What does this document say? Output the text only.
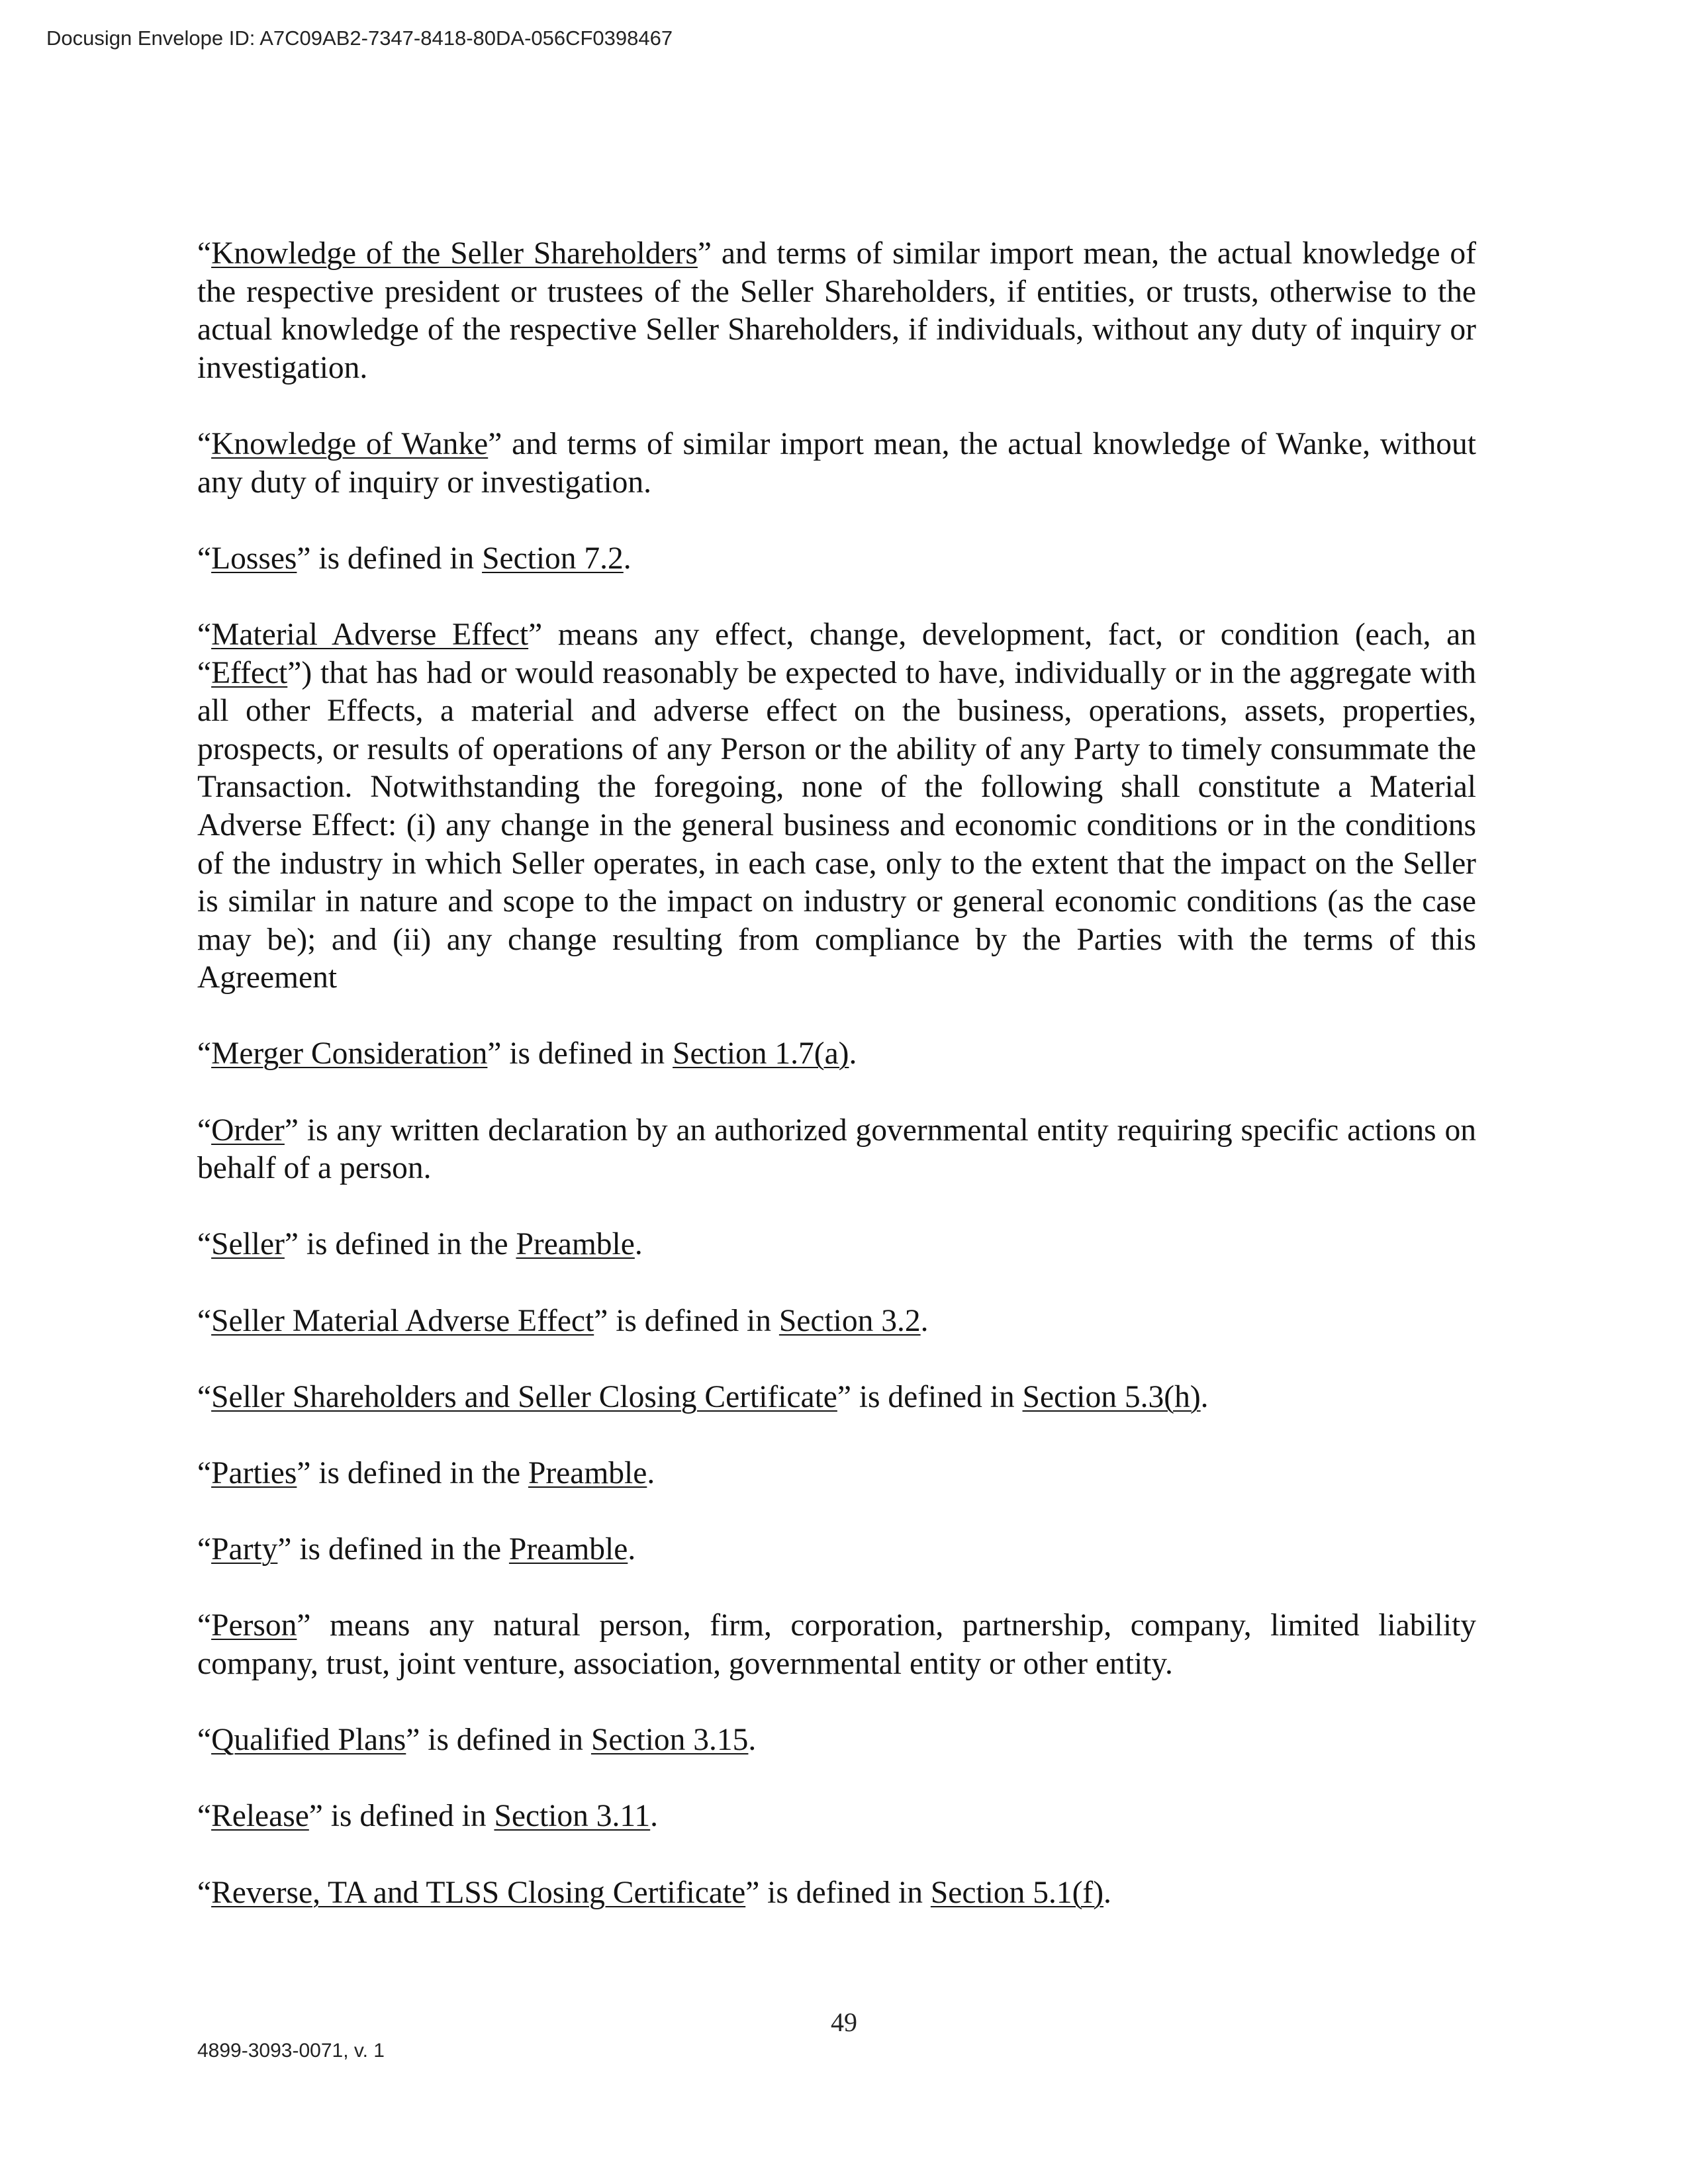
Docusign Envelope ID: A7C09AB2-7347-8418-80DA-056CF0398467

“Knowledge of the Seller Shareholders” and terms of similar import mean, the actual knowledge of the respective president or trustees of the Seller Shareholders, if entities, or trusts, otherwise to the actual knowledge of the respective Seller Shareholders, if individuals, without any duty of inquiry or investigation.

“Knowledge of Wanke” and terms of similar import mean, the actual knowledge of Wanke, without any duty of inquiry or investigation.

“Losses” is defined in Section 7.2.

“Material Adverse Effect” means any effect, change, development, fact, or condition (each, an “Effect”) that has had or would reasonably be expected to have, individually or in the aggregate with all other Effects, a material and adverse effect on the business, operations, assets, properties, prospects, or results of operations of any Person or the ability of any Party to timely consummate the Transaction. Notwithstanding the foregoing, none of the following shall constitute a Material Adverse Effect: (i) any change in the general business and economic conditions or in the conditions of the industry in which Seller operates, in each case, only to the extent that the impact on the Seller is similar in nature and scope to the impact on industry or general economic conditions (as the case may be); and (ii) any change resulting from compliance by the Parties with the terms of this Agreement

“Merger Consideration” is defined in Section 1.7(a).

“Order” is any written declaration by an authorized governmental entity requiring specific actions on behalf of a person.

“Seller” is defined in the Preamble.

“Seller Material Adverse Effect” is defined in Section 3.2.

“Seller Shareholders and Seller Closing Certificate” is defined in Section 5.3(h).

“Parties” is defined in the Preamble.

“Party” is defined in the Preamble.

“Person” means any natural person, firm, corporation, partnership, company, limited liability company, trust, joint venture, association, governmental entity or other entity.

“Qualified Plans” is defined in Section 3.15.

“Release” is defined in Section 3.11.

“Reverse, TA and TLSS Closing Certificate” is defined in Section 5.1(f).

49
4899-3093-0071, v. 1
